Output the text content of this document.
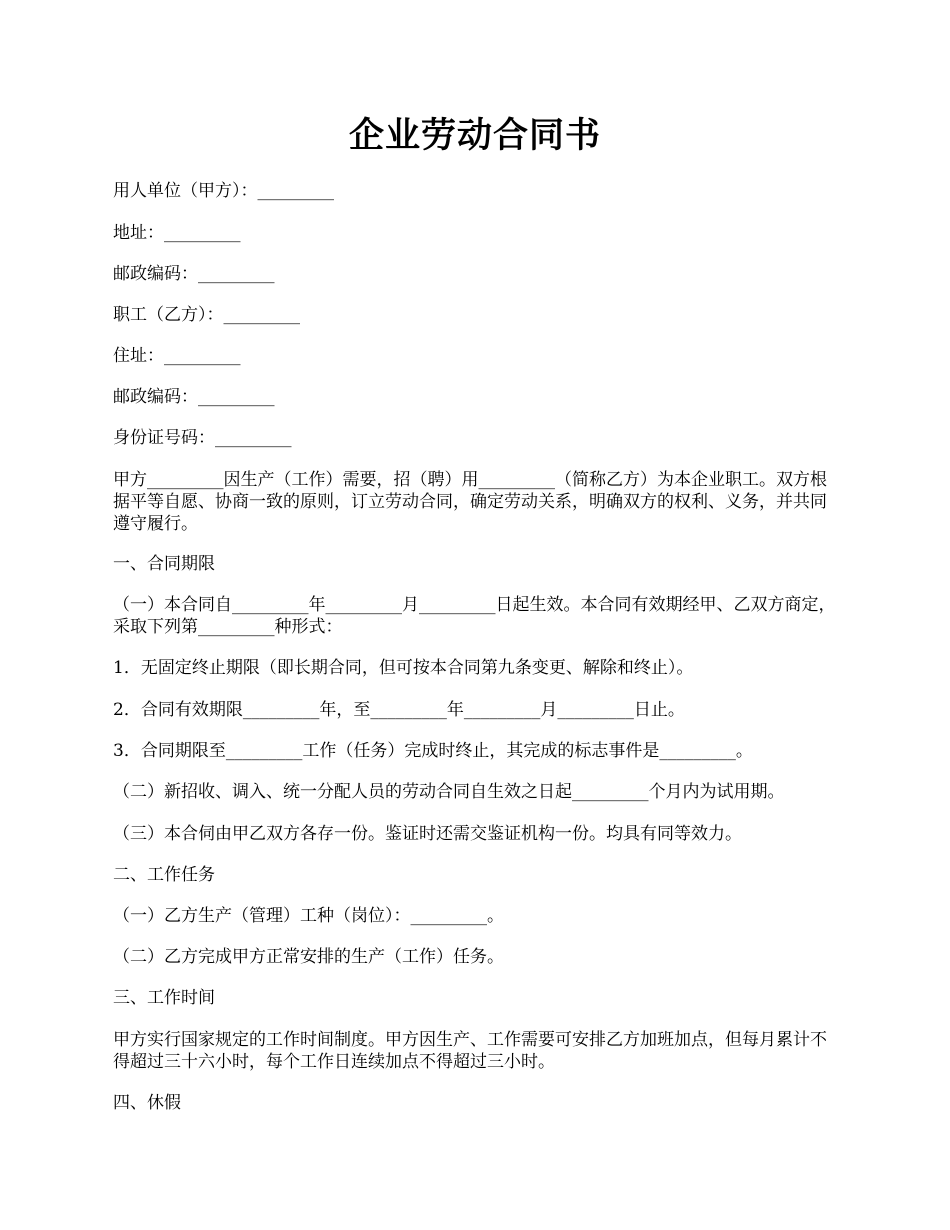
企业劳动合同书
用人单位（甲方）：_________
地址：_________
邮政编码：_________
职工（乙方）：_________
住址：_________
邮政编码：_________
身份证号码：_________
甲方_________因生产（工作）需要，招（聘）用_________（简称乙方）为本企业职工。双方根据平等自愿、协商一致的原则，订立劳动合同，确定劳动关系，明确双方的权利、义务，并共同遵守履行。
一、合同期限
（一）本合同自_________年_________月_________日起生效。本合同有效期经甲、乙双方商定，采取下列第_________种形式：
1．无固定终止期限（即长期合同，但可按本合同第九条变更、解除和终止）。
2．合同有效期限_________年，至_________年_________月_________日止。
3．合同期限至_________工作（任务）完成时终止，其完成的标志事件是_________。
（二）新招收、调入、统一分配人员的劳动合同自生效之日起_________个月内为试用期。
（三）本合伺由甲乙双方各存一份。鉴证时还需交鉴证机构一份。均具有同等效力。
二、工作任务
（一）乙方生产（管理）工种（岗位）：_________。
（二）乙方完成甲方正常安排的生产（工作）任务。
三、工作时间
甲方实行国家规定的工作时间制度。甲方因生产、工作需要可安排乙方加班加点，但每月累计不得超过三十六小时，每个工作日连续加点不得超过三小时。
四、休假
